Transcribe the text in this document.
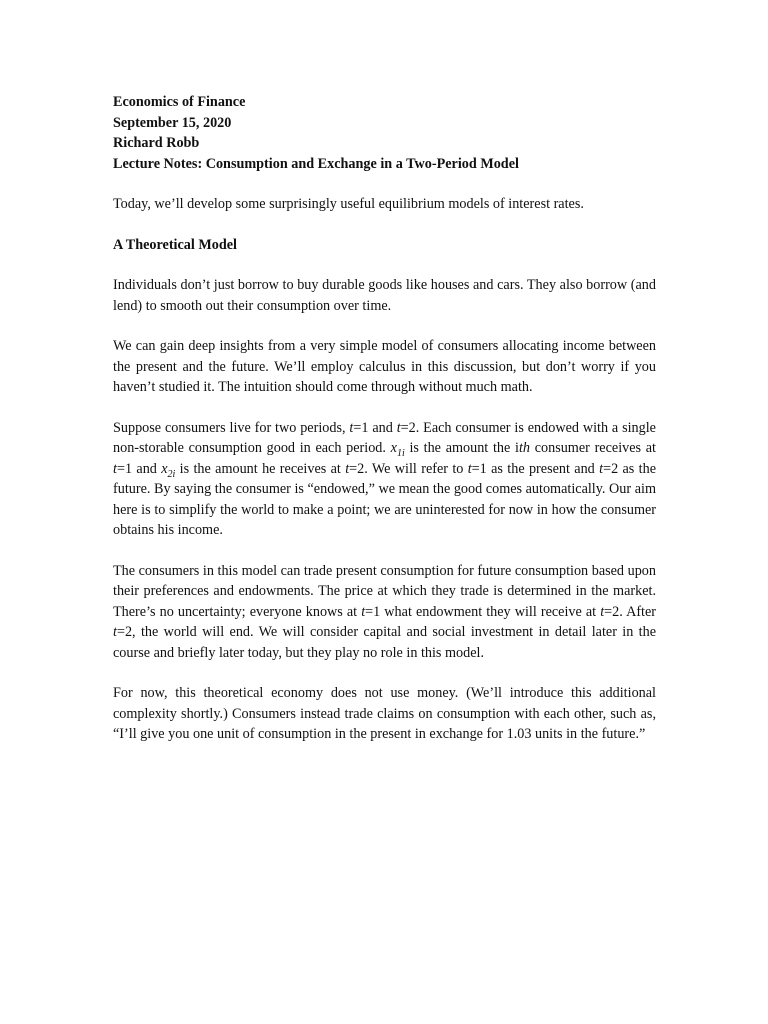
Economics of Finance
September 15, 2020
Richard Robb
Lecture Notes: Consumption and Exchange in a Two-Period Model
Today, we’ll develop some surprisingly useful equilibrium models of interest rates.
A Theoretical Model

Individuals don’t just borrow to buy durable goods like houses and cars. They also borrow (and lend) to smooth out their consumption over time.

We can gain deep insights from a very simple model of consumers allocating income between the present and the future. We’ll employ calculus in this discussion, but don’t worry if you haven’t studied it. The intuition should come through without much math.

Suppose consumers live for two periods, t=1 and t=2. Each consumer is endowed with a single non-storable consumption good in each period. $x_{1i}$ is the amount the ith consumer receives at t=1 and $x_{2i}$ is the amount he receives at t=2. We will refer to t=1 as the present and t=2 as the future. By saying the consumer is “endowed,” we mean the good comes automatically. Our aim here is to simplify the world to make a point; we are uninterested for now in how the consumer obtains his income.

The consumers in this model can trade present consumption for future consumption based upon their preferences and endowments. The price at which they trade is determined in the market. There’s no uncertainty; everyone knows at t=1 what endowment they will receive at t=2. After t=2, the world will end. We will consider capital and social investment in detail later in the course and briefly later today, but they play no role in this model.

For now, this theoretical economy does not use money. (We’ll introduce this additional complexity shortly.) Consumers instead trade claims on consumption with each other, such as, “I’ll give you one unit of consumption in the present in exchange for 1.03 units in the future.”
